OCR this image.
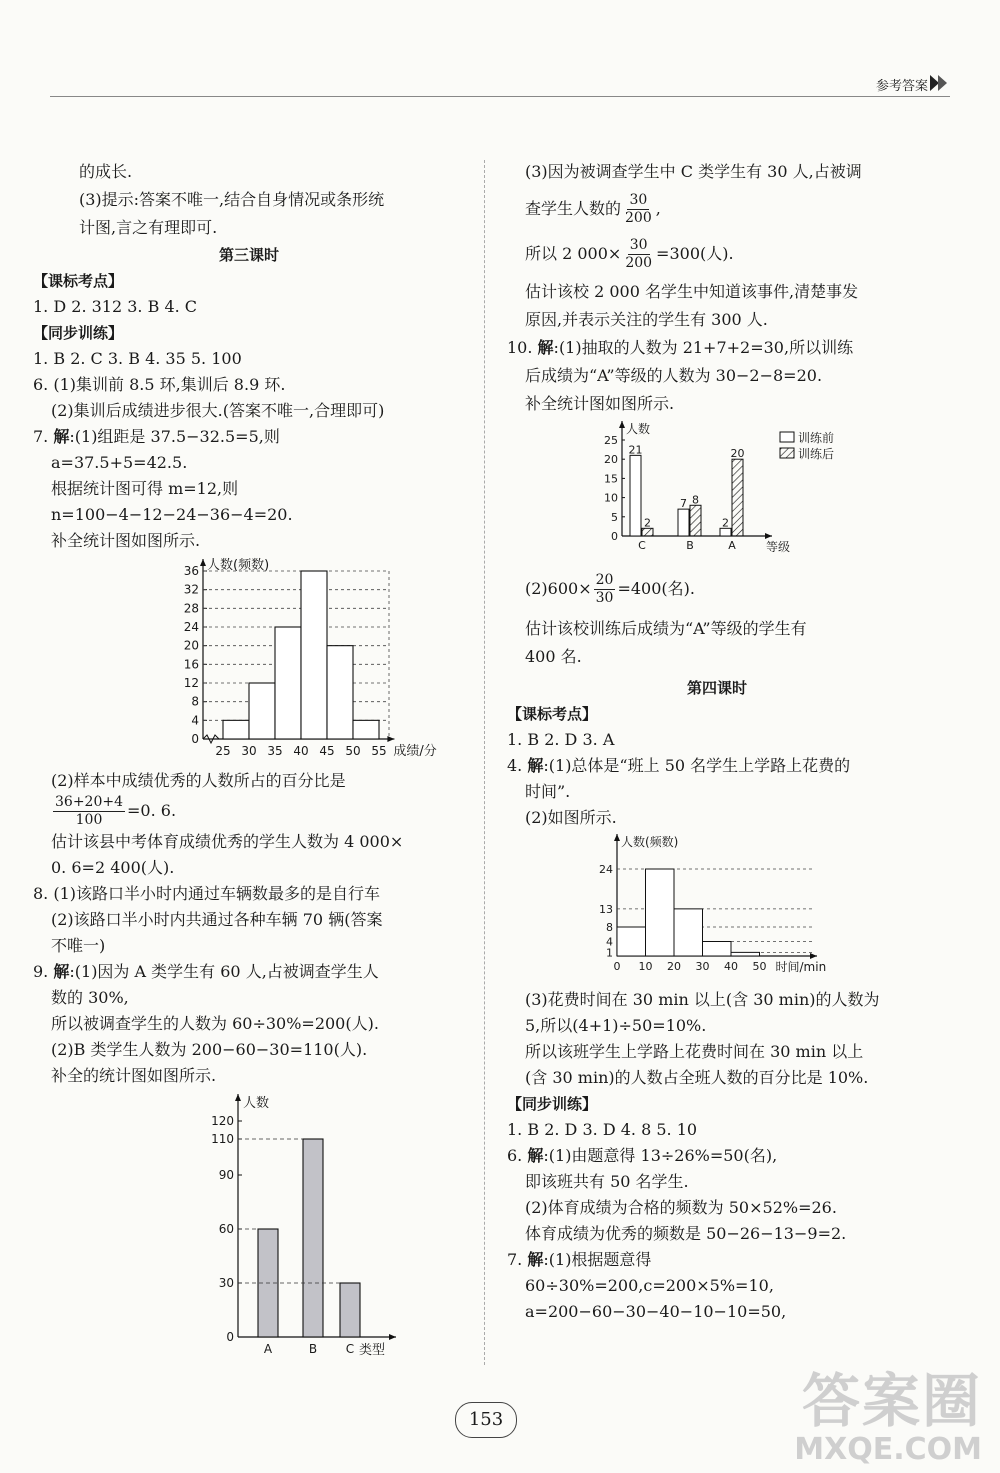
参考答案
的成长.
(3)提示:答案不唯一,结合自身情况或条形统
计图,言之有理即可.
第三课时
【课标考点】
1. D 2. 312 3. B 4. C
【同步训练】
1. B 2. C 3. B 4. 35 5. 100
6. (1)集训前 8.5 环,集训后 8.9 环.
(2)集训后成绩进步很大.(答案不唯一,合理即可)
7. 解:(1)组距是 37.5−32.5=5,则
a=37.5+5=42.5.
根据统计图可得 m=12,则
n=100−4−12−24−36−4=20.
补全统计图如图所示.
人数(频数)
0
4
8
12
16
20
24
28
32
36
25 30 35 40 45 50 55 成绩/分
(2)样本中成绩优秀的人数所占的百分比是
$\frac{36+20+4}{100} =0$. 6.
估计该县中考体育成绩优秀的学生人数为 4 000×
0. 6=2 400(人).
8. (1)该路口半小时内通过车辆数最多的是自行车
(2)该路口半小时内共通过各种车辆 70 辆(答案
不唯一)
9. 解:(1)因为 A 类学生有 60 人,占被调查学生人
数的 30%,
所以被调查学生的人数为 60÷30%=200(人).
(2)B 类学生人数为 200−60−30=110(人).
补全的统计图如图所示.
人数
0
30
60
90
110
120
A	B C 类型
(3)因为被调查学生中 C 类学生有 30 人,占被调
查学生人数的 $\frac{30}{200}$ ,
所以 2 $000\times \frac{30}{200} =300$(人).
估计该校 2 000 名学生中知道该事件,清楚事发
原因,并表示关注的学生有 300 人.
10. 解:(1)抽取的人数为 21+7+2=30,所以训练
后成绩为“A”等级的人数为 30−2−8=20.
补全统计图如图所示.
人数
0
5
10
15
20
25
21
2
C
7 8
B
2
20
A	等级
训练前
训练后
$(2)600\times \frac{20}{30} =400$(名).
估计该校训练后成绩为“A”等级的学生有
400 名.
第四课时
【课标考点】
1. B 2. D 3. A
4. 解:(1)总体是“班上 50 名学生上学路上花费的
时间”.
(2)如图所示.
人数(频数)
1
4
8
13
24
0 10 20 30 40 50 时间/min
(3)花费时间在 30 min 以上(含 30 min)的人数为
5,所以(4+1)÷50=10%.
所以该班学生上学路上花费时间在 30 min 以上
(含 30 min)的人数占全班人数的百分比是 10%.
【同步训练】
1. B 2. D 3. D 4. 8 5. 10
6. 解:(1)由题意得 13÷26%=50(名),
即该班共有 50 名学生.
(2)体育成绩为合格的频数为 50×52%=26.
体育成绩为优秀的频数是 50−26−13−9=2.
7. 解:(1)根据题意得
60÷30%=200,c=200×5%=10,
a=200−60−30−40−10−10=50,
153	答案圈
MXQE.COM
